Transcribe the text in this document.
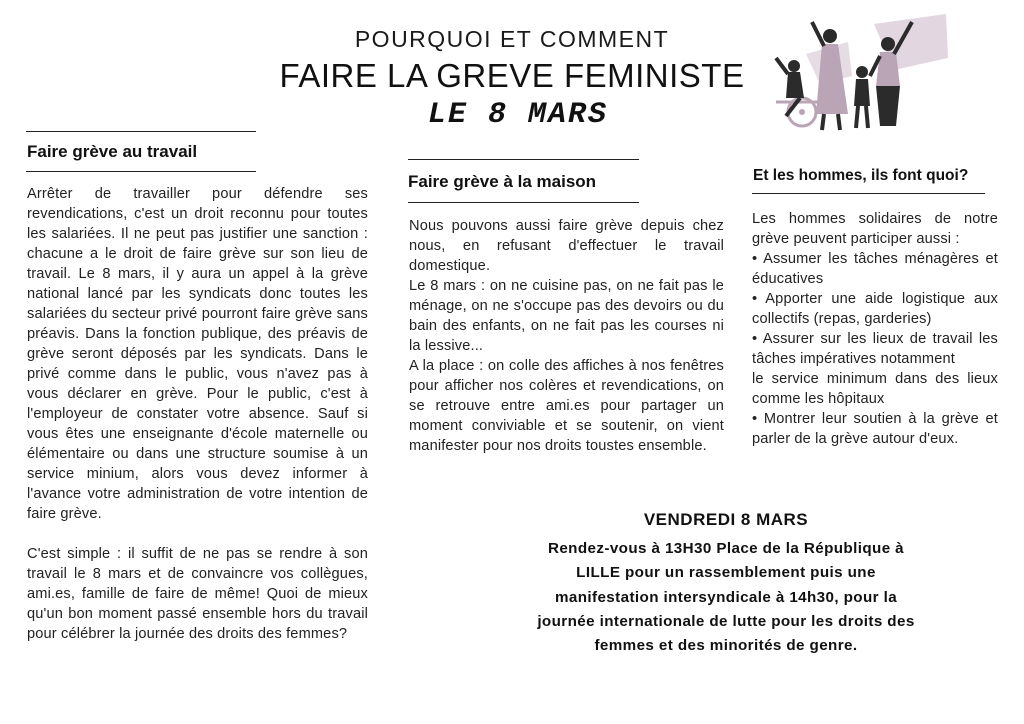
POURQUOI ET COMMENT
FAIRE LA GREVE FEMINISTE
LE 8 MARS
Faire grève au travail

Arrêter de travailler pour défendre ses revendications, c'est un droit reconnu pour toutes les salariées. Il ne peut pas justifier une sanction : chacune a le droit de faire grève sur son lieu de travail. Le 8 mars, il y aura un appel à la grève national lancé par les syndicats donc toutes les salariées du secteur privé pourront faire grève sans préavis. Dans la fonction publique, des préavis de grève seront déposés par les syndicats. Dans le privé comme dans le public, vous n'avez pas à vous déclarer en grève. Pour le public, c'est à l'employeur de constater votre absence. Sauf si vous êtes une enseignante d'école maternelle ou élémentaire ou dans une structure soumise à un service minium, alors vous devez informer à l'avance votre administration de votre intention de faire grève.

C'est simple : il suffit de ne pas se rendre à son travail le 8 mars et de convaincre vos collègues, ami.es, famille de faire de même! Quoi de mieux qu'un bon moment passé ensemble hors du travail pour célébrer la journée des droits des femmes?

Faire grève à la maison

Nous pouvons aussi faire grève depuis chez nous, en refusant d'effectuer le travail domestique.

Le 8 mars : on ne cuisine pas, on ne fait pas le ménage, on ne s'occupe pas des devoirs ou du bain des enfants, on ne fait pas les courses ni la lessive...

A la place : on colle des affiches à nos fenêtres pour afficher nos colères et revendications, on se retrouve entre ami.es pour partager un moment conviviable et se soutenir, on vient manifester pour nos droits toustes ensemble.

Et les hommes, ils font quoi?

Les hommes solidaires de notre grève peuvent participer aussi :

• Assumer les tâches ménagères et éducatives

• Apporter une aide logistique aux collectifs (repas, garderies)

• Assurer sur les lieux de travail les tâches impératives notamment

le service minimum dans des lieux comme les hôpitaux

• Montrer leur soutien à la grève et parler de la grève autour d'eux.

VENDREDI 8 MARS
Rendez-vous à 13H30 Place de la République à LILLE pour un rassemblement puis une manifestation intersyndicale à 14h30, pour la journée internationale de lutte pour les droits des femmes et des minorités de genre.
